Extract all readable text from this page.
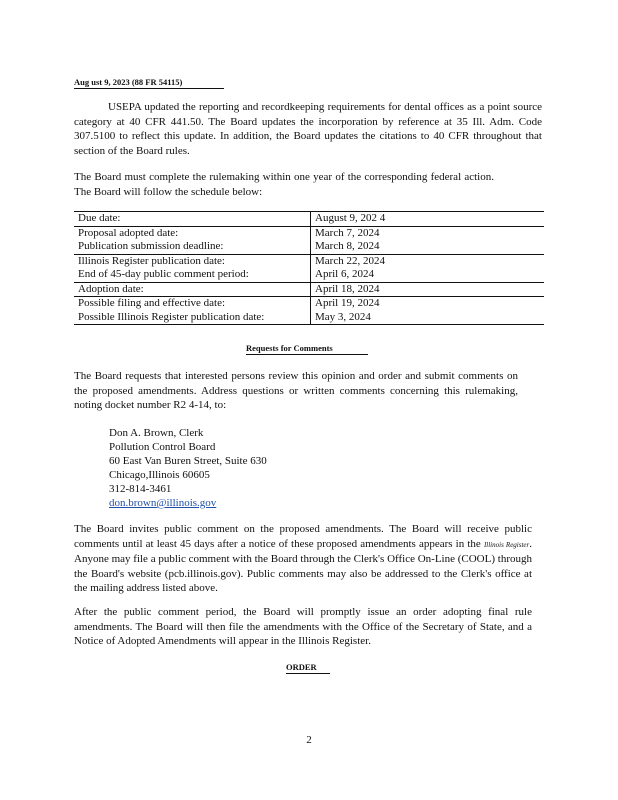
Aug ust 9, 2023 (88 FR 54115)

USEPA updated the reporting and recordkeeping requirements for dental offices as a point source category at 40 CFR 441.50. The Board updates the incorporation by reference at 35 Ill. Adm. Code 307.5100 to reflect this update. In addition, the Board updates the citations to 40 CFR throughout that section of the Board rules.

The Board must complete the rulemaking within one year of the corresponding federal action. The Board will follow the schedule below:

Due date:	August 9, 202 4
Proposal adopted date:	March 7, 2024
Publication submission deadline:	March 8, 2024
Illinois Register publication date:	March 22, 2024
End of 45-day public comment period:	April 6, 2024
Adoption date:	April 18, 2024
Possible filing and effective date:	April 19, 2024
Possible Illinois Register publication date:	May 3, 2024
Requests for Comments

The Board requests that interested persons review this opinion and order and submit comments on the proposed amendments. Address questions or written comments concerning this rulemaking, noting docket number R2 4-14, to:

Don A. Brown, Clerk
Pollution Control Board
60 East Van Buren Street, Suite 630
Chicago,Illinois 60605
312-814-3461
don.brown@illinois.gov

The Board invites public comment on the proposed amendments. The Board will receive public comments until at least 45 days after a notice of these proposed amendments appears in the Illinois Register. Anyone may file a public comment with the Board through the Clerk's Office On-Line (COOL) through the Board's website (pcb.illinois.gov). Public comments may also be addressed to the Clerk's office at the mailing address listed above.

After the public comment period, the Board will promptly issue an order adopting final rule amendments. The Board will then file the amendments with the Office of the Secretary of State, and a Notice of Adopted Amendments will appear in the Illinois Register.

ORDER
2
